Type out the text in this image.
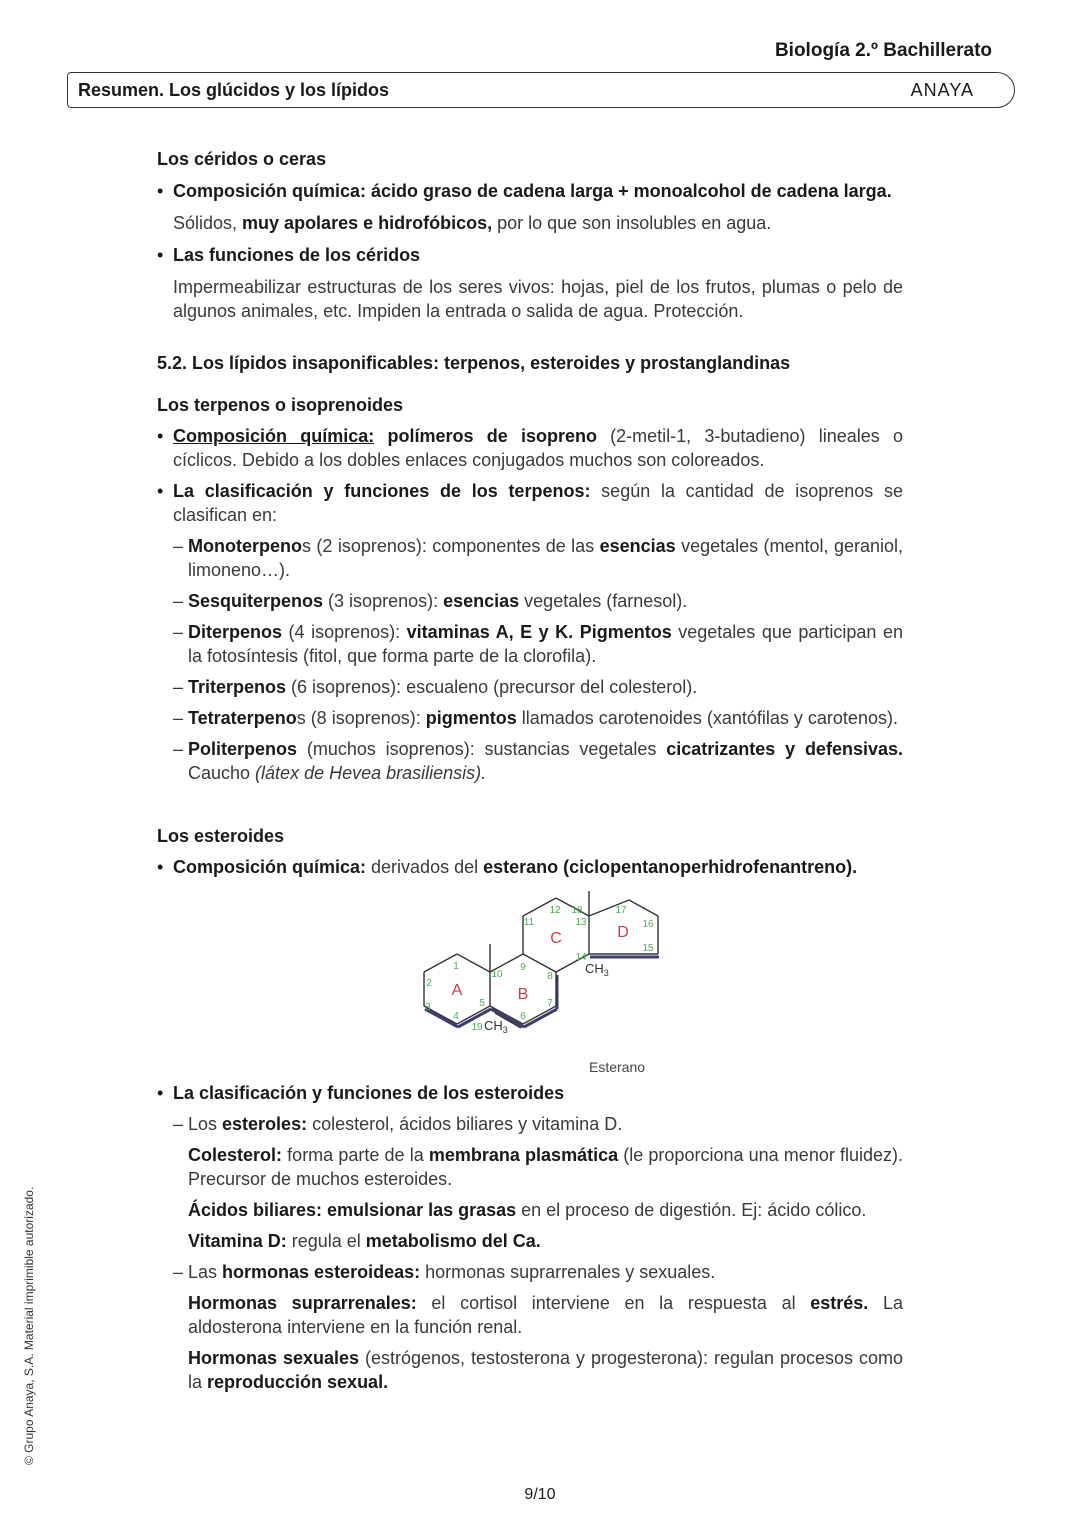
Biología 2.º Bachillerato
Resumen. Los glúcidos y los lípidos	ANAYA
Los céridos o ceras
• Composición química: ácido graso de cadena larga + monoalcohol de cadena larga.
Sólidos, muy apolares e hidrofóbicos, por lo que son insolubles en agua.
• Las funciones de los céridos
Impermeabilizar estructuras de los seres vivos: hojas, piel de los frutos, plumas o pelo de algunos animales, etc. Impiden la entrada o salida de agua. Protección.
5.2. Los lípidos insaponificables: terpenos, esteroides y prostanglandinas
Los terpenos o isoprenoides
• Composición química: polímeros de isopreno (2-metil-1, 3-butadieno) lineales o cíclicos. Debido a los dobles enlaces conjugados muchos son coloreados.
• La clasificación y funciones de los terpenos: según la cantidad de isoprenos se clasifican en:
– Monoterpenos (2 isoprenos): componentes de las esencias vegetales (mentol, geraniol, limoneno…).
– Sesquiterpenos (3 isoprenos): esencias vegetales (farnesol).
– Diterpenos (4 isoprenos): vitaminas A, E y K. Pigmentos vegetales que participan en la fotosíntesis (fitol, que forma parte de la clorofila).
– Triterpenos (6 isoprenos): escualeno (precursor del colesterol).
– Tetraterpenos (8 isoprenos): pigmentos llamados carotenoides (xantófilas y carotenos).
– Politerpenos (muchos isoprenos): sustancias vegetales cicatrizantes y defensivas. Caucho (látex de Hevea brasiliensis).
Los esteroides
• Composición química: derivados del esterano (ciclopentanoperhidrofenantreno).
A	B
C	D
1
2
3
4
5
6
7
8
9
10
11
12
13
14
15
16
17
18
19 $CH_3$
$CH_3$
Esterano
• La clasificación y funciones de los esteroides
– Los esteroles: colesterol, ácidos biliares y vitamina D.
Colesterol: forma parte de la membrana plasmática (le proporciona una menor fluidez). Precursor de muchos esteroides.
Ácidos biliares: emulsionar las grasas en el proceso de digestión. Ej: ácido cólico.
Vitamina D: regula el metabolismo del Ca.
– Las hormonas esteroideas: hormonas suprarrenales y sexuales.
Hormonas suprarrenales: el cortisol interviene en la respuesta al estrés. La aldosterona interviene en la función renal.
Hormonas sexuales (estrógenos, testosterona y progesterona): regulan procesos como la reproducción sexual.
© Grupo Anaya, S.A. Material imprimible autorizado.
9/10
